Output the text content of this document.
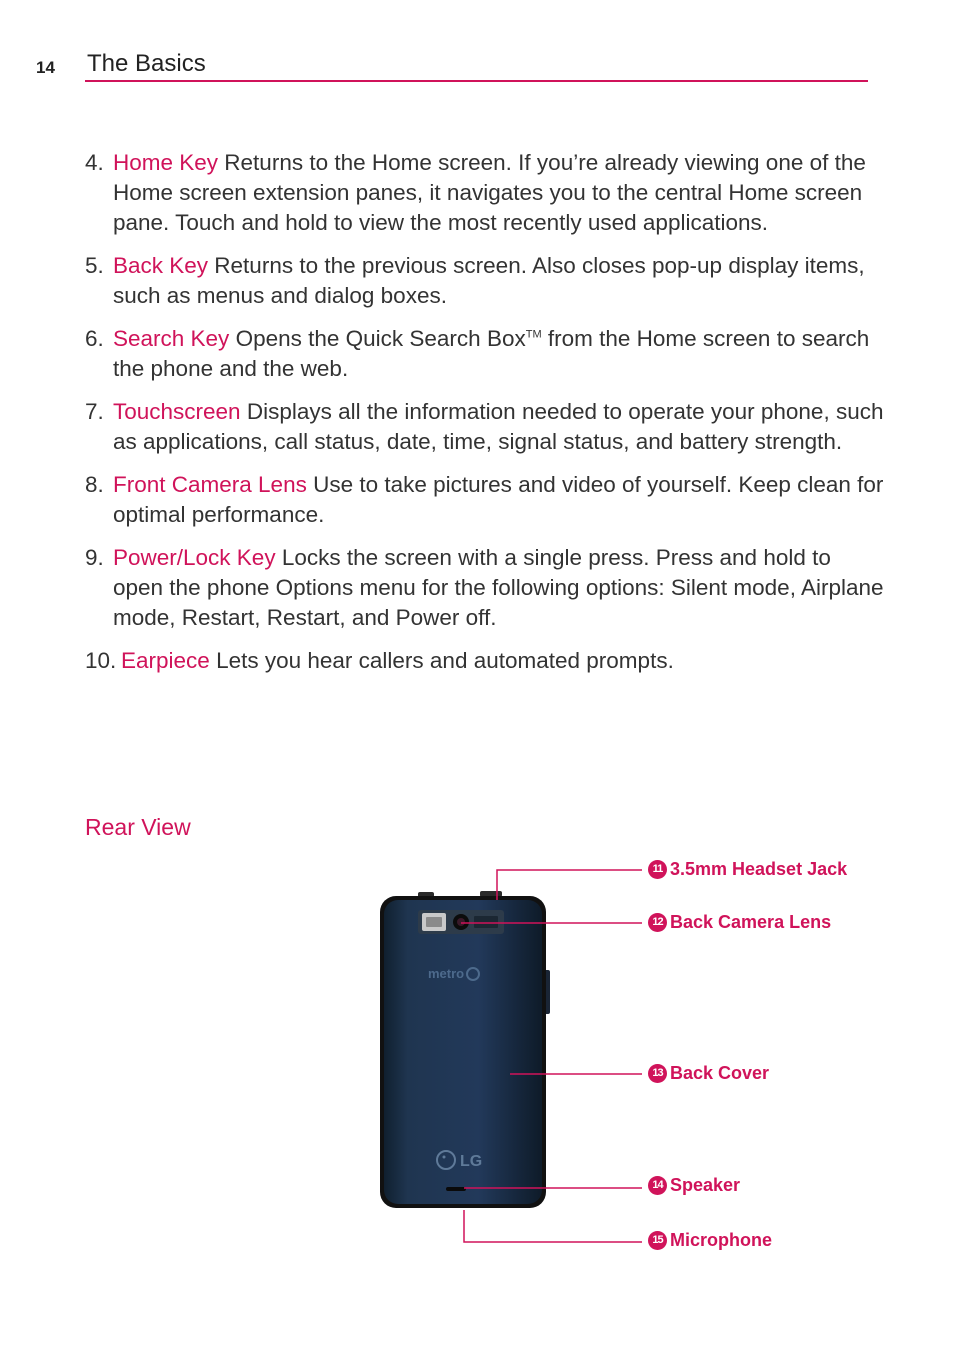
14 The Basics
4. Home Key Returns to the Home screen. If you’re already viewing one of the Home screen extension panes, it navigates you to the central Home screen pane. Touch and hold to view the most recently used applications.
5. Back Key Returns to the previous screen. Also closes pop-up display items, such as menus and dialog boxes.
6. Search Key Opens the Quick Search Box™ from the Home screen to search the phone and the web.
7. Touchscreen Displays all the information needed to operate your phone, such as applications, call status, date, time, signal status, and battery strength.
8. Front Camera Lens Use to take pictures and video of yourself. Keep clean for optimal performance.
9. Power/Lock Key Locks the screen with a single press. Press and hold to open the phone Options menu for the following options: Silent mode, Airplane mode, Restart, Restart, and Power off.
10. Earpiece Lets you hear callers and automated prompts.
Rear View
metro
LG
11 3.5mm Headset Jack
12 Back Camera Lens
13 Back Cover
14 Speaker
15 Microphone
